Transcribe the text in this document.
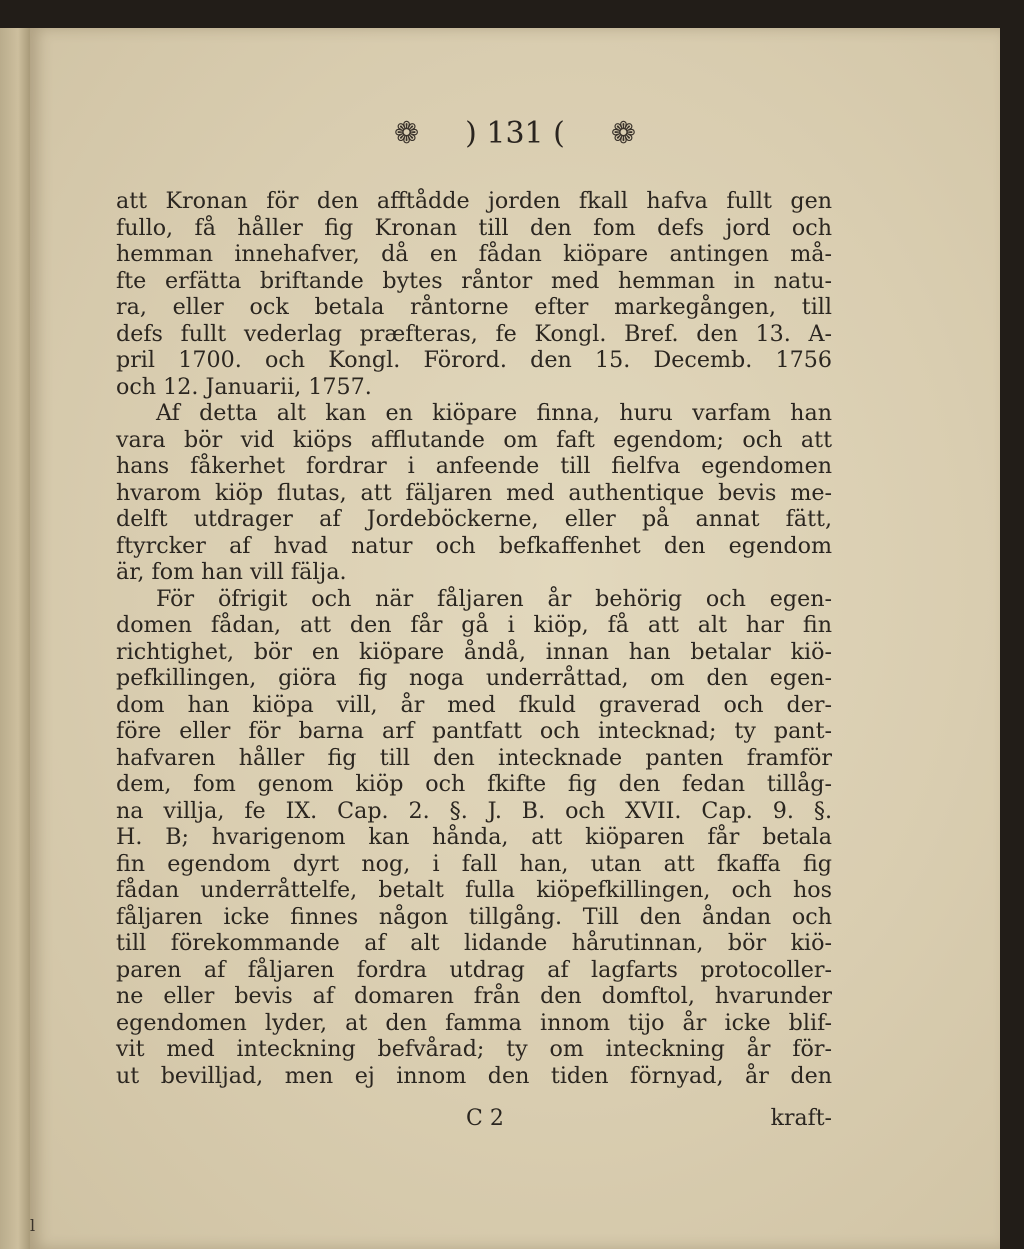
l
❁ ) 131 ( ❁
att Kronan för den afftådde jorden fkall hafva fullt gen
fullo, få håller fig Kronan till den fom defs jord och
hemman innehafver, då en fådan kiöpare antingen må-
fte erfätta briftande bytes råntor med hemman in natu-
ra, eller ock betala råntorne efter markegången, till
defs fullt vederlag præfteras, fe Kongl. Bref. den 13. A-
pril 1700. och Kongl. Förord. den 15. Decemb. 1756
och 12. Januarii, 1757.
Af detta alt kan en kiöpare finna, huru varfam han
vara bör vid kiöps afflutande om faft egendom; och att
hans fåkerhet fordrar i anfeende till fielfva egendomen
hvarom kiöp flutas, att fäljaren med authentique bevis me-
delft utdrager af Jordeböckerne, eller på annat fätt,
ftyrcker af hvad natur och befkaffenhet den egendom
är, fom han vill fälja.
För öfrigit och när fåljaren år behörig och egen-
domen fådan, att den får gå i kiöp, få att alt har fin
richtighet, bör en kiöpare åndå, innan han betalar kiö-
pefkillingen, giöra fig noga underråttad, om den egen-
dom han kiöpa vill, år med fkuld graverad och der-
före eller för barna arf pantfatt och intecknad; ty pant-
hafvaren håller fig till den intecknade panten framför
dem, fom genom kiöp och fkifte fig den fedan tillåg-
na villja, fe IX. Cap. 2. §. J. B. och XVII. Cap. 9. §.
H. B; hvarigenom kan hånda, att kiöparen får betala
fin egendom dyrt nog, i fall han, utan att fkaffa fig
fådan underråttelfe, betalt fulla kiöpefkillingen, och hos
fåljaren icke finnes någon tillgång. Till den åndan och
till förekommande af alt lidande hårutinnan, bör kiö-
paren af fåljaren fordra utdrag af lagfarts protocoller-
ne eller bevis af domaren från den domftol, hvarunder
egendomen lyder, at den famma innom tijo år icke blif-
vit med inteckning befvårad; ty om inteckning år för-
ut bevilljad, men ej innom den tiden förnyad, år den
C 2	kraft-
